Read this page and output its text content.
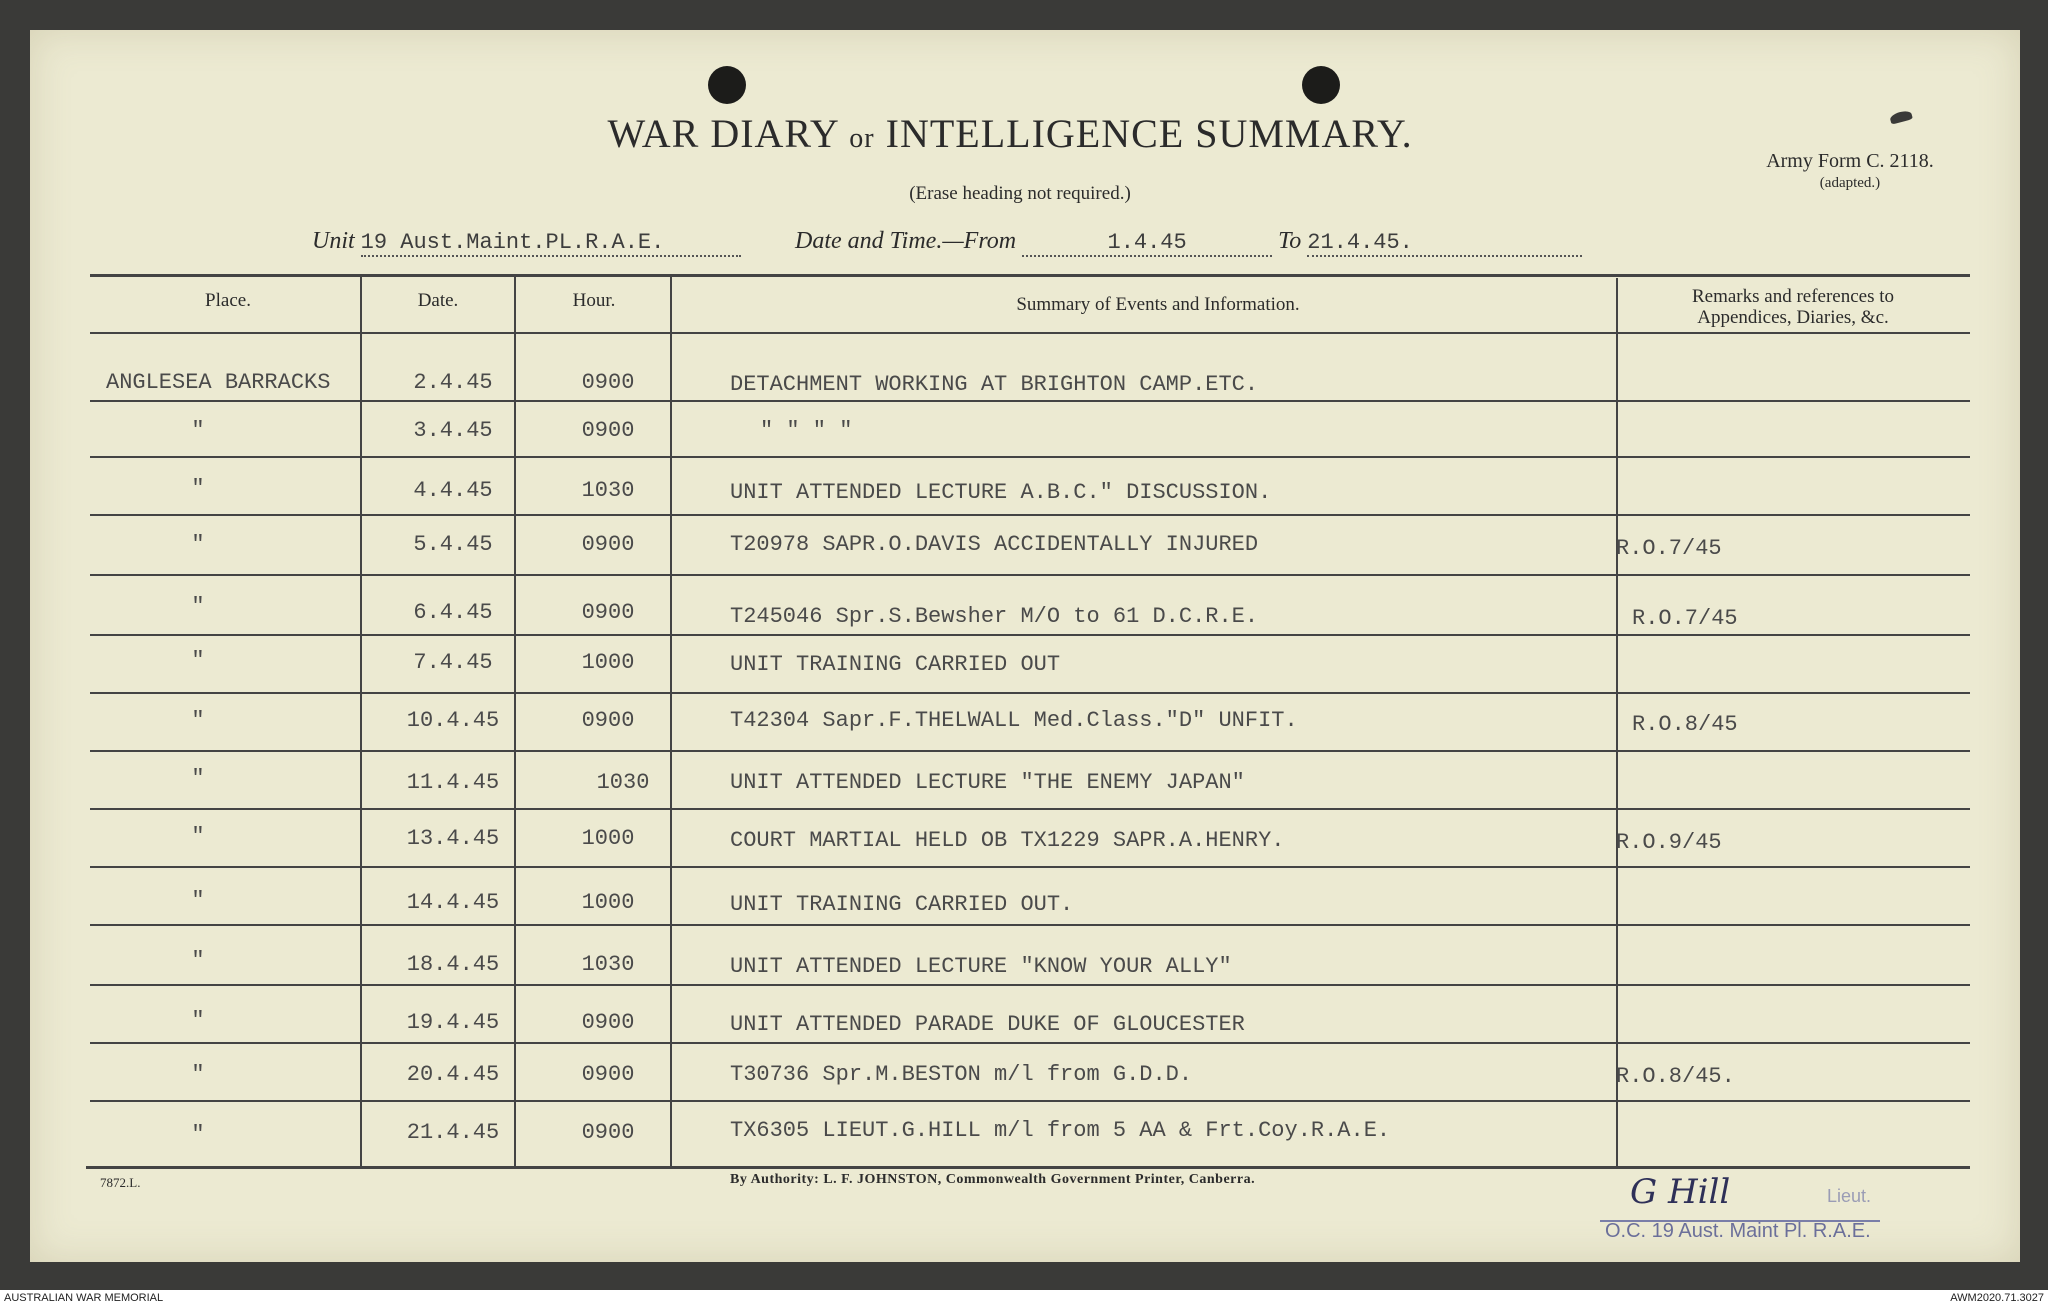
WAR DIARY or INTELLIGENCE SUMMARY.
(Erase heading not required.)
Army Form C. 2118.
(adapted.)
Unit 19 Aust.Maint.PL.R.A.E.	Date and Time.—From	1.4.45	To 21.4.45.
Place.	Date.	Hour.	Summary of Events and Information.	Remarks and references to
Appendices, Diaries, &c.
ANGLESEA BARRACKS	2.4.45	0900	DETACHMENT WORKING AT BRIGHTON CAMP.ETC.
"	3.4.45	0900	" " " "
"	4.4.45	1030	UNIT ATTENDED LECTURE A.B.C." DISCUSSION.
"	5.4.45	0900	T20978 SAPR.O.DAVIS ACCIDENTALLY INJURED	R.O.7/45
"	6.4.45	0900	T245046 Spr.S.Bewsher M/O to 61 D.C.R.E.	R.O.7/45
"	7.4.45	1000	UNIT TRAINING CARRIED OUT
"	10.4.45	0900	T42304 Sapr.F.THELWALL Med.Class."D" UNFIT.	R.O.8/45
"	11.4.45	1030	UNIT ATTENDED LECTURE "THE ENEMY JAPAN"
"	13.4.45	1000	COURT MARTIAL HELD OB TX1229 SAPR.A.HENRY.	R.O.9/45
"	14.4.45	1000	UNIT TRAINING CARRIED OUT.
"	18.4.45	1030	UNIT ATTENDED LECTURE "KNOW YOUR ALLY"
"	19.4.45	0900	UNIT ATTENDED PARADE DUKE OF GLOUCESTER
"	20.4.45	0900	T30736 Spr.M.BESTON m/l from G.D.D.	R.O.8/45.
"	21.4.45	0900	TX6305 LIEUT.G.HILL m/l from 5 AA & Frt.Coy.R.A.E.
7872.L.	By Authority: L. F. JOHNSTON, Commonwealth Government Printer, Canberra.	G Hill	Lieut.
O.C. 19 Aust. Maint Pl. R.A.E.
AUSTRALIAN WAR MEMORIAL	AWM2020.71.3027
